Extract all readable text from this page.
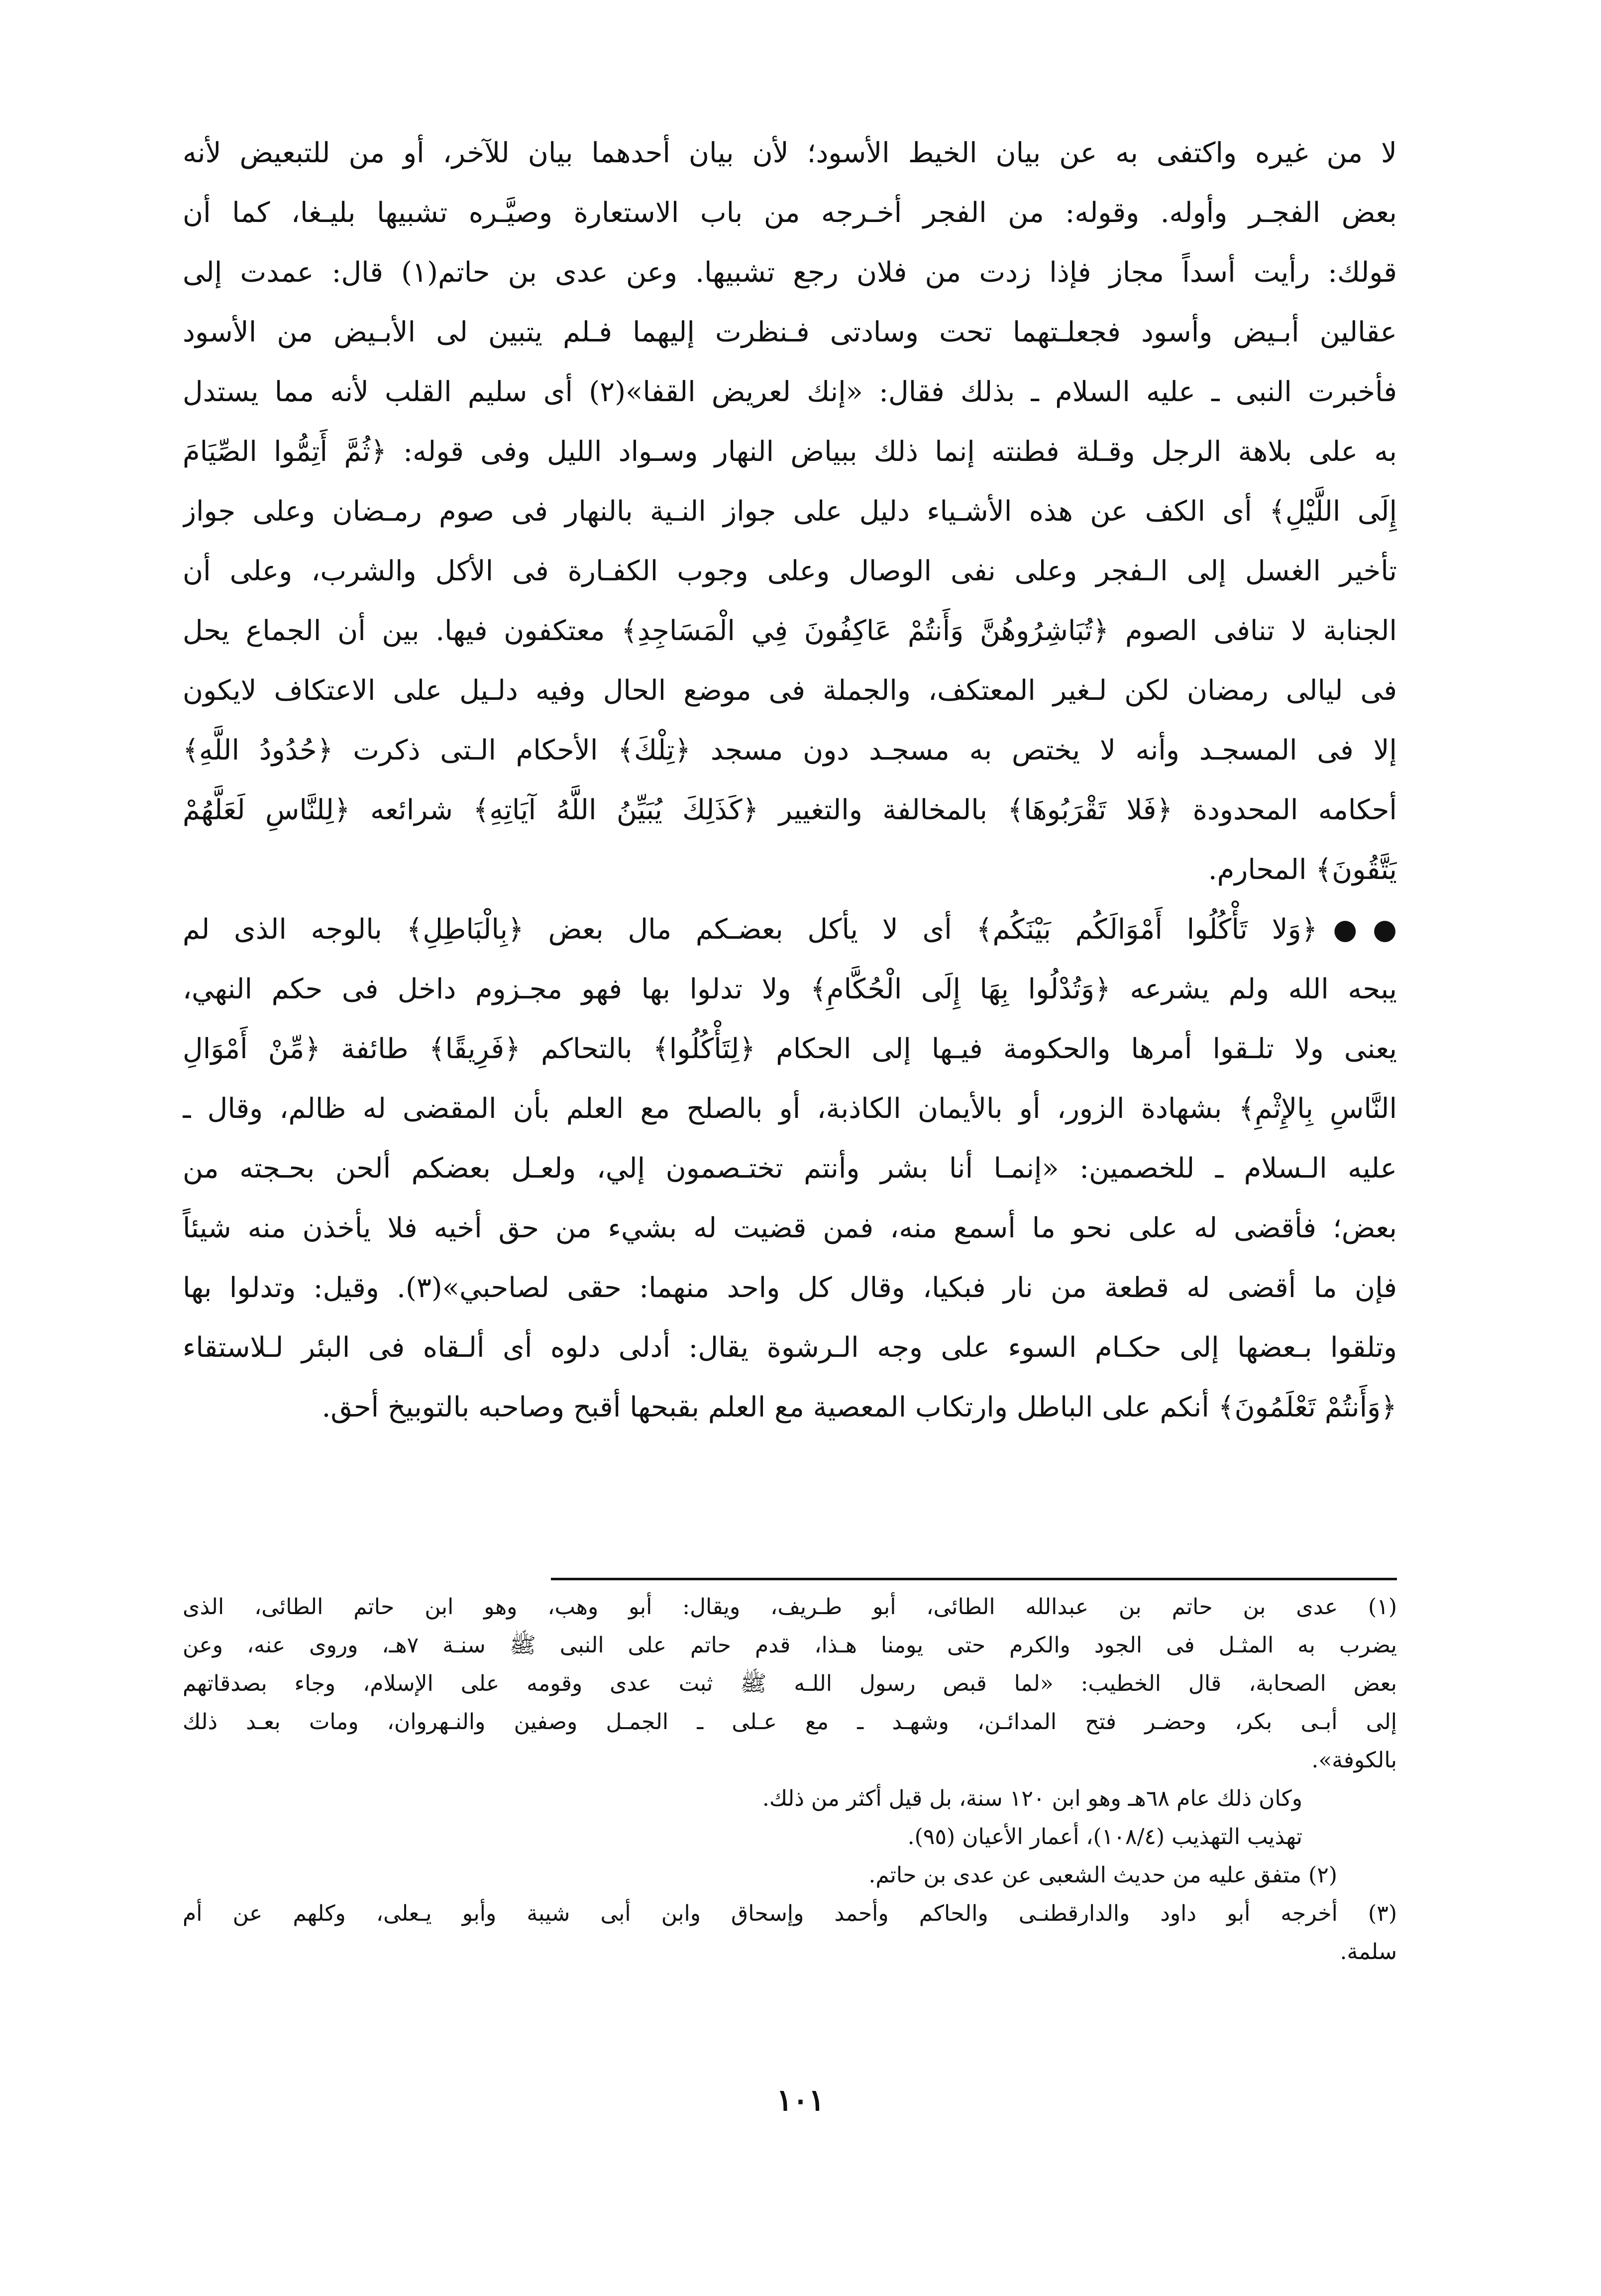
لا من غيره واكتفى به عن بيان الخيط الأسود؛ لأن بيان أحدهما بيان للآخر، أو من للتبعيض لأنه
بعض الفجـر وأوله. وقوله: من الفجر أخـرجه من باب الاستعارة وصيَّـره تشبيها بليـغا، كما أن
قولك: رأيت أسداً مجاز فإذا زدت من فلان رجع تشبيها. وعن عدى بن حاتم(١) قال: عمدت إلى
عقالين أبـيض وأسود فجعلـتهما تحت وسادتى فـنظرت إليهما فـلم يتبين لى الأبـيض من الأسود
فأخبرت النبى ـ عليه السلام ـ بذلك فقال: «إنك لعريض القفا»(٢) أى سليم القلب لأنه مما يستدل
به على بلاهة الرجل وقـلة فطنته إنما ذلك ببياض النهار وسـواد الليل وفى قوله: ﴿ثُمَّ أَتِمُّوا الصِّيَامَ
إِلَى اللَّيْلِ﴾ أى الكف عن هذه الأشـياء دليل على جواز النـية بالنهار فى صوم رمـضان وعلى جواز
تأخير الغسل إلى الـفجر وعلى نفى الوصال وعلى وجوب الكفـارة فى الأكل والشرب، وعلى أن
الجنابة لا تنافى الصوم ﴿تُبَاشِرُوهُنَّ وَأَنتُمْ عَاكِفُونَ فِي الْمَسَاجِدِ﴾ معتكفون فيها. بين أن الجماع يحل
فى ليالى رمضان لكن لـغير المعتكف، والجملة فى موضع الحال وفيه دلـيل على الاعتكاف لايكون
إلا فى المسجـد وأنه لا يختص به مسجـد دون مسجد ﴿تِلْكَ﴾ الأحكام الـتى ذكرت ﴿حُدُودُ اللَّهِ﴾
أحكامه المحدودة ﴿فَلا تَقْرَبُوهَا﴾ بالمخالفة والتغيير ﴿كَذَلِكَ يُبَيِّنُ اللَّهُ آيَاتِهِ﴾ شرائعه ﴿لِلنَّاسِ لَعَلَّهُمْ
يَتَّقُونَ﴾ المحارم.
●●﴿وَلا تَأْكُلُوا أَمْوَالَكُم بَيْنَكُم﴾ أى لا يأكل بعضـكم مال بعض ﴿بِالْبَاطِلِ﴾ بالوجه الذى لم
يبحه الله ولم يشرعه ﴿وَتُدْلُوا بِهَا إِلَى الْحُكَّامِ﴾ ولا تدلوا بها فهو مجـزوم داخل فى حكم النهي،
يعنى ولا تلـقوا أمرها والحكومة فيـها إلى الحكام ﴿لِتَأْكُلُوا﴾ بالتحاكم ﴿فَرِيقًا﴾ طائفة ﴿مِّنْ أَمْوَالِ
النَّاسِ بِالإِثْمِ﴾ بشهادة الزور، أو بالأيمان الكاذبة، أو بالصلح مع العلم بأن المقضى له ظالم، وقال ـ
عليه الـسلام ـ للخصمين: «إنمـا أنا بشر وأنتم تختـصمون إلي، ولعـل بعضكم ألحن بحـجته من
بعض؛ فأقضى له على نحو ما أسمع منه، فمن قضيت له بشيء من حق أخيه فلا يأخذن منه شيئاً
فإن ما أقضى له قطعة من نار فبكيا، وقال كل واحد منهما: حقى لصاحبي»(٣). وقيل: وتدلوا بها
وتلقوا بـعضها إلى حكـام السوء على وجه الـرشوة يقال: أدلى دلوه أى ألـقاه فى البئر لـلاستقاء
﴿وَأَنتُمْ تَعْلَمُونَ﴾ أنكم على الباطل وارتكاب المعصية مع العلم بقبحها أقبح وصاحبه بالتوبيخ أحق.
(١) عدى بن حاتم بن عبدالله الطائى، أبو طـريف، ويقال: أبو وهب، وهو ابن حاتم الطائى، الذى
يضرب به المثـل فى الجود والكرم حتى يومنا هـذا، قدم حاتم على النبى ﷺ سنـة ٧هـ، وروى عنه، وعن
بعض الصحابة، قال الخطيب: «لما قبص رسول اللـه ﷺ ثبت عدى وقومه على الإسلام، وجاء بصدقاتهم
إلى أبـى بكر، وحضـر فتح المدائـن، وشهـد ـ مع عـلى ـ الجمـل وصفين والنـهروان، ومات بعـد ذلك
بالكوفة».
وكان ذلك عام ٦٨هـ وهو ابن ١٢٠ سنة، بل قيل أكثر من ذلك.
تهذيب التهذيب (١٠٨/٤)، أعمار الأعيان (٩٥).
(٢) متفق عليه من حديث الشعبى عن عدى بن حاتم.
(٣) أخرجه أبو داود والدارقطنـى والحاكم وأحمد وإسحاق وابن أبى شيبة وأبو يـعلى، وكلهم عن أم
سلمة.
١٠١
